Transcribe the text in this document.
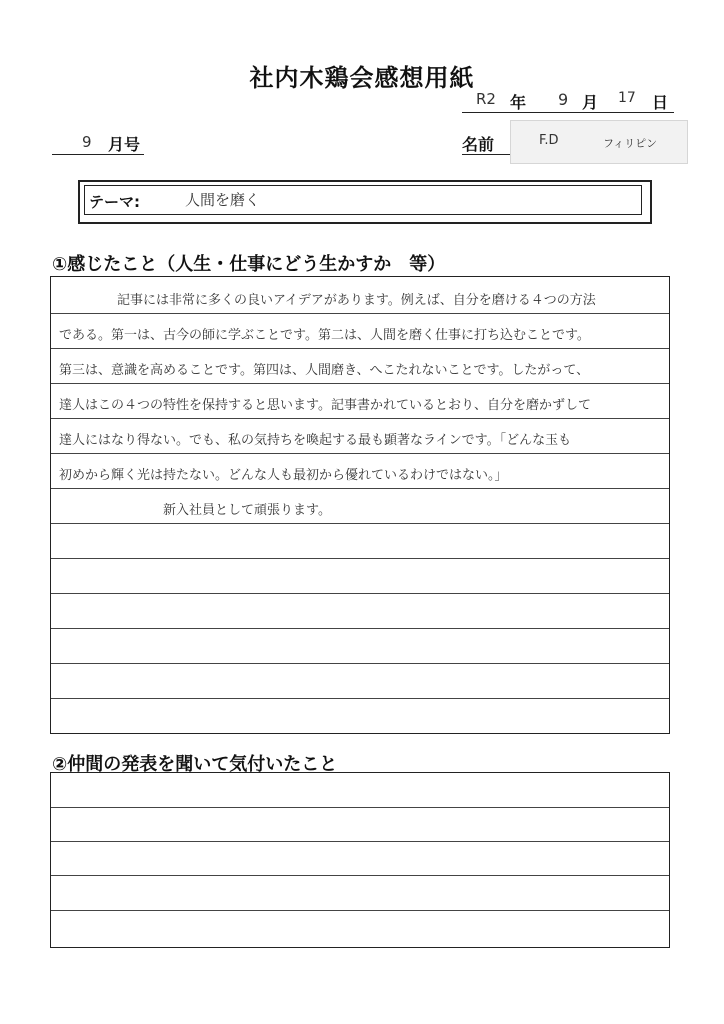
社内木鶏会感想用紙
R2 年 9 月 17 日
9 月号	名前	F.D	フィリピン
テーマ:	人間を磨く
①感じたこと（人生・仕事にどう生かすか　等）
記事には非常に多くの良いアイデアがあります。例えば、自分を磨ける４つの方法
である。第一は、古今の師に学ぶことです。第二は、人間を磨く仕事に打ち込むことです。
第三は、意識を高めることです。第四は、人間磨き、へこたれないことです。したがって、
達人はこの４つの特性を保持すると思います。記事書かれているとおり、自分を磨かずして
達人にはなり得ない。でも、私の気持ちを喚起する最も顕著なラインです。「どんな玉も
初めから輝く光は持たない。どんな人も最初から優れているわけではない。」
新入社員として頑張ります。
②仲間の発表を聞いて気付いたこと
